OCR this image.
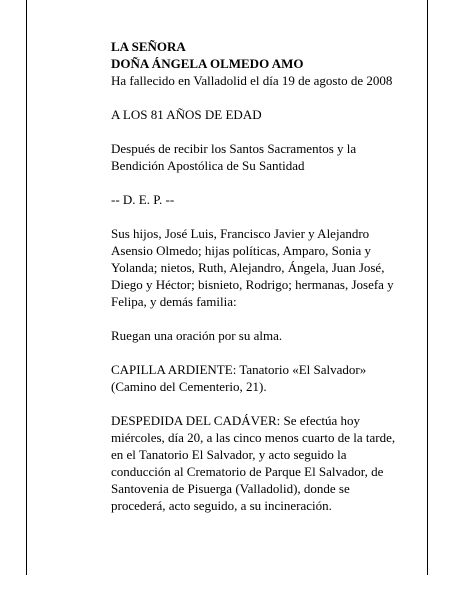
LA SEÑORA

DOÑA ÁNGELA OLMEDO AMO

Ha fallecido en Valladolid el día 19 de agosto de 2008

A LOS 81 AÑOS DE EDAD

Después de recibir los Santos Sacramentos y la
Bendición Apostólica de Su Santidad

-- D. E. P. --

Sus hijos, José Luis, Francisco Javier y Alejandro
Asensio Olmedo; hijas políticas, Amparo, Sonia y
Yolanda; nietos, Ruth, Alejandro, Ángela, Juan José,
Diego y Héctor; bisnieto, Rodrigo; hermanas, Josefa y
Felipa, y demás familia:

Ruegan una oración por su alma.

CAPILLA ARDIENTE: Tanatorio «El Salvador»
(Camino del Cementerio, 21).

DESPEDIDA DEL CADÁVER: Se efectúa hoy
miércoles, día 20, a las cinco menos cuarto de la tarde,
en el Tanatorio El Salvador, y acto seguido la
conducción al Crematorio de Parque El Salvador, de
Santovenia de Pisuerga (Valladolid), donde se
procederá, acto seguido, a su incineración.
